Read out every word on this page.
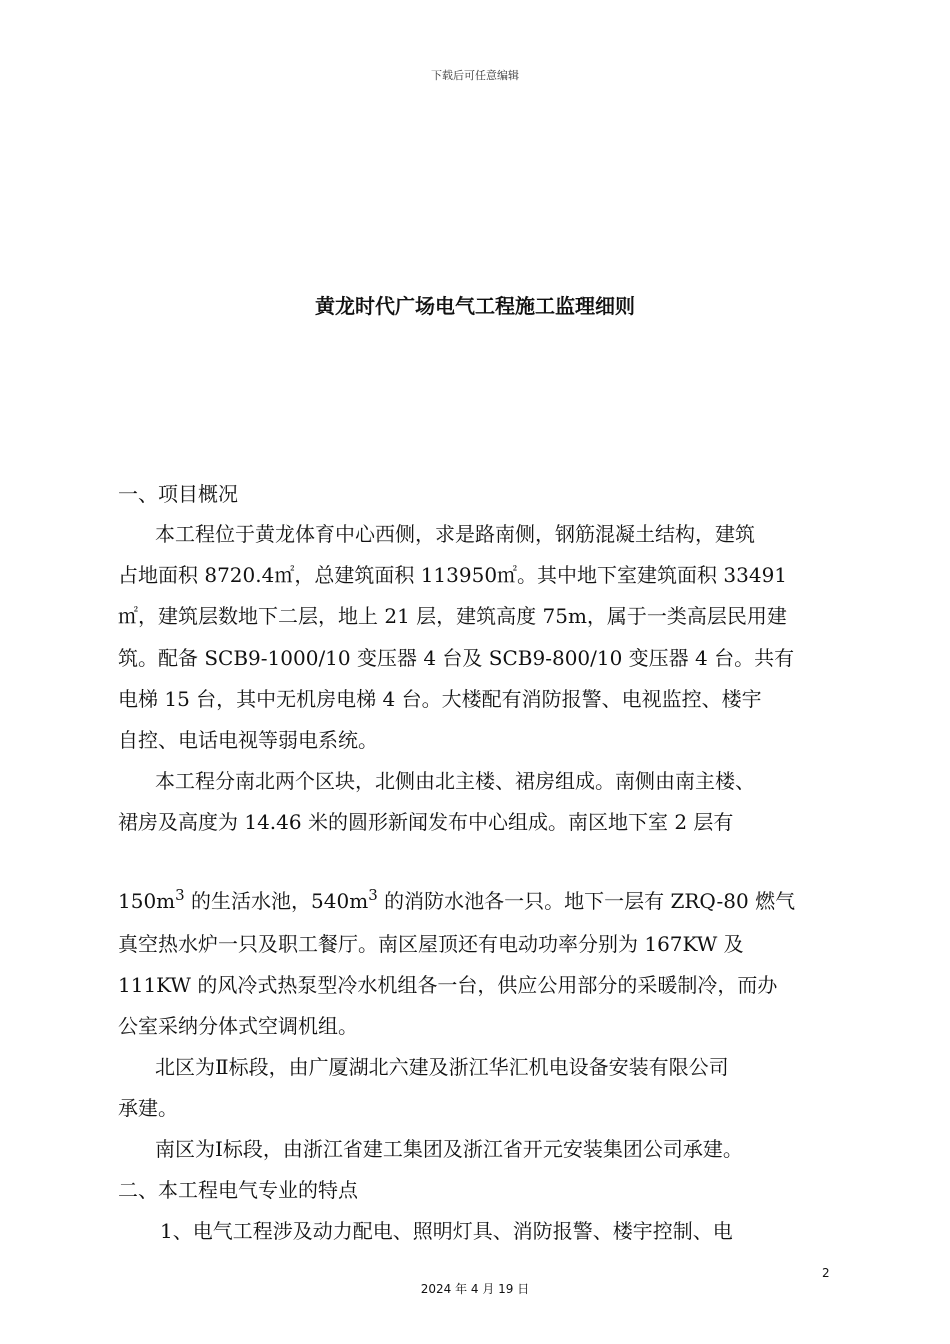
下载后可任意编辑
黄龙时代广场电气工程施工监理细则
一、项目概况
本工程位于黄龙体育中心西侧，求是路南侧，钢筋混凝土结构，建筑
占地面积 8720.4㎡，总建筑面积 113950㎡。其中地下室建筑面积 33491
㎡，建筑层数地下二层，地上 21 层，建筑高度 75m，属于一类高层民用建
筑。配备 SCB9-1000/10 变压器 4 台及 SCB9-800/10 变压器 4 台。共有
电梯 15 台，其中无机房电梯 4 台。大楼配有消防报警、电视监控、楼宇
自控、电话电视等弱电系统。
本工程分南北两个区块，北侧由北主楼、裙房组成。南侧由南主楼、
裙房及高度为 14.46 米的圆形新闻发布中心组成。南区地下室 2 层有
$150m^3$ 的生活水池，$540m^3$ 的消防水池各一只。地下一层有 ZRQ-80 燃气
真空热水炉一只及职工餐厅。南区屋顶还有电动功率分别为 167KW 及
111KW 的风冷式热泵型冷水机组各一台，供应公用部分的采暖制冷，而办
公室采纳分体式空调机组。
北区为Ⅱ标段，由广厦湖北六建及浙江华汇机电设备安装有限公司
承建。
南区为Ⅰ标段，由浙江省建工集团及浙江省开元安装集团公司承建。
二、本工程电气专业的特点
1、电气工程涉及动力配电、照明灯具、消防报警、楼宇控制、电
2
2024 年 4 月 19 日
